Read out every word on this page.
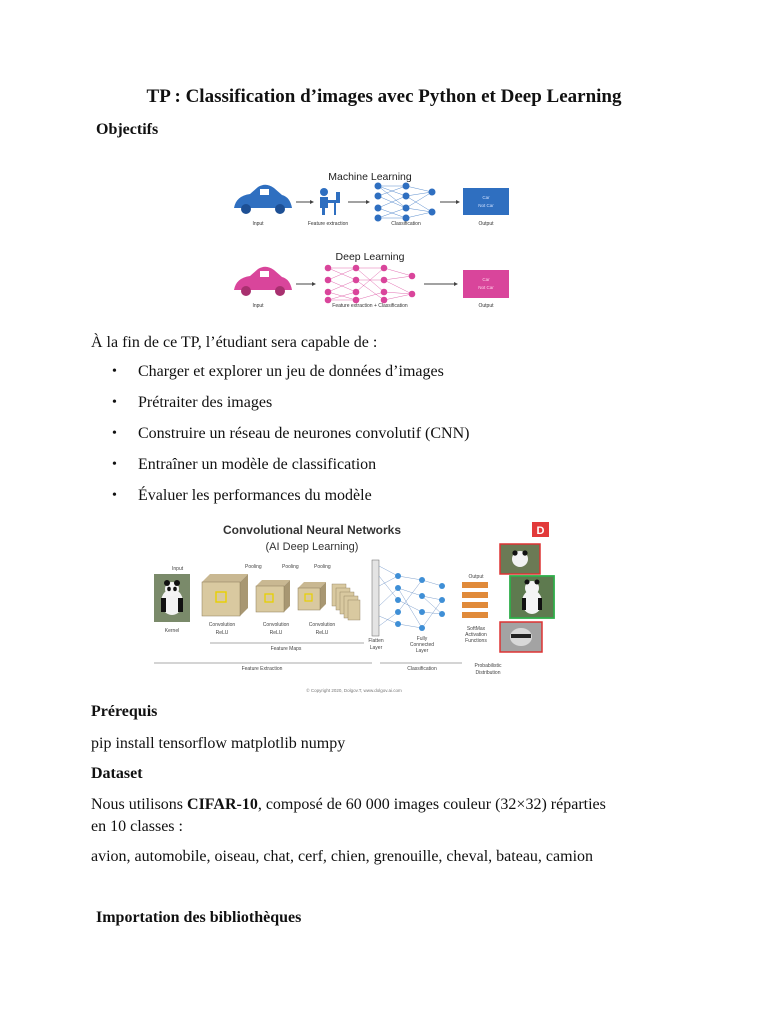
TP : Classification d’images avec Python et Deep Learning
Objectifs
Machine Learning
Input	Feature extraction	Classification
Car
Not Car
Output
Deep Learning
Input	Feature extraction + Classification
Car
Not Car
Output
À la fin de ce TP, l’étudiant sera capable de :
• Charger et explorer un jeu de données d’images
• Prétraiter des images
• Construire un réseau de neurones convolutif (CNN)
• Entraîner un modèle de classification
• Évaluer les performances du modèle
Convolutional Neural Networks
(AI Deep Learning)
D
Input
Kernel
Pooling	Pooling	Pooling
Convolution
ReLU
Convolution
ReLU
Convolution
ReLU
Feature Maps
Flatten
Layer
Fully
Connected
Layer
Output
SoftMax
Activation
Functions
Feature Extraction	Classification	Probabilistic
Distribution
© Copyright 2020, Dolgov.T, www.dolgov.ai.com
Prérequis
pip install tensorflow matplotlib numpy
Dataset
Nous utilisons CIFAR-10, composé de 60 000 images couleur (32×32) réparties
en 10 classes :
avion, automobile, oiseau, chat, cerf, chien, grenouille, cheval, bateau, camion
Importation des bibliothèques
